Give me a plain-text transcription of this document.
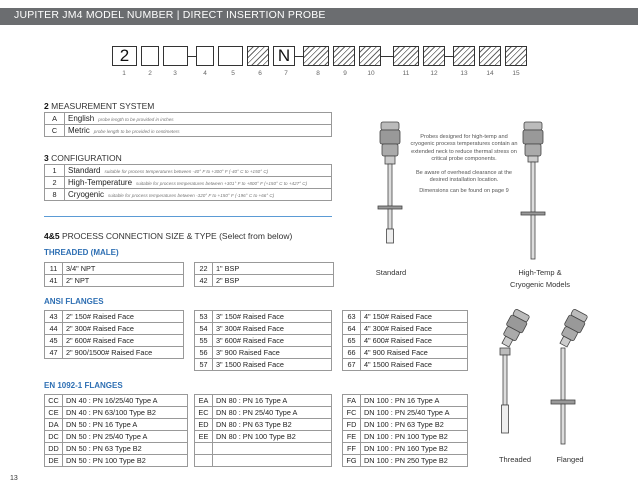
JUPITER JM4 MODEL NUMBER | DIRECT INSERTION PROBE
2	N
1	2	3	4	5	6	7	8	9	10	11	12	13	14	15
2 MEASUREMENT SYSTEM
A	English probe length to be provided in inches
C	Metric probe length to be provided in centimeters
3 CONFIGURATION
1	Standard suitable for process temperatures between -40° F to +300° F (-40° C to +150° C)
2	High-Temperature suitable for process temperatures between +301° F to +800° F (+150° C to +427° C)
8	Cryogenic suitable for process temperatures between -320° F to +150° F (-196° C to +66° C)
4&5 PROCESS CONNECTION SIZE & TYPE (Select from below)
THREADED (MALE)
11	3/4" NPT
41	2" NPT
22	1" BSP
42	2" BSP
ANSI FLANGES
43	2" 150# Raised Face
44	2" 300# Raised Face
45	2" 600# Raised Face
47	2" 900/1500# Raised Face
53	3" 150# Raised Face
54	3" 300# Raised Face
55	3" 600# Raised Face
56	3" 900 Raised Face
57	3" 1500 Raised Face
63	4" 150# Raised Face
64	4" 300# Raised Face
65	4" 600# Raised Face
66	4" 900 Raised Face
67	4" 1500 Raised Face
EN 1092-1 FLANGES
CC	DN 40 : PN 16/25/40 Type A
CE	DN 40 : PN 63/100 Type B2
DA	DN 50 : PN 16 Type A
DC	DN 50 : PN 25/40 Type A
DD	DN 50 : PN 63 Type B2
DE	DN 50 : PN 100 Type B2
EA	DN 80 : PN 16 Type A
EC	DN 80 : PN 25/40 Type A
ED	DN 80 : PN 63 Type B2
EE	DN 80 : PN 100 Type B2

FA	DN 100 : PN 16 Type A
FC	DN 100 : PN 25/40 Type A
FD	DN 100 : PN 63 Type B2
FE	DN 100 : PN 100 Type B2
FF	DN 100 : PN 160 Type B2
FG	DN 100 : PN 250 Type B2
Probes designed for high-temp and cryogenic process temperatures contain an extended neck to reduce thermal stress on critical probe components.
Be aware of overhead clearance at the desired installation location.
Dimensions can be found on page 9
Standard	High-Temp &
Cryogenic Models
Threaded	Flanged
13
